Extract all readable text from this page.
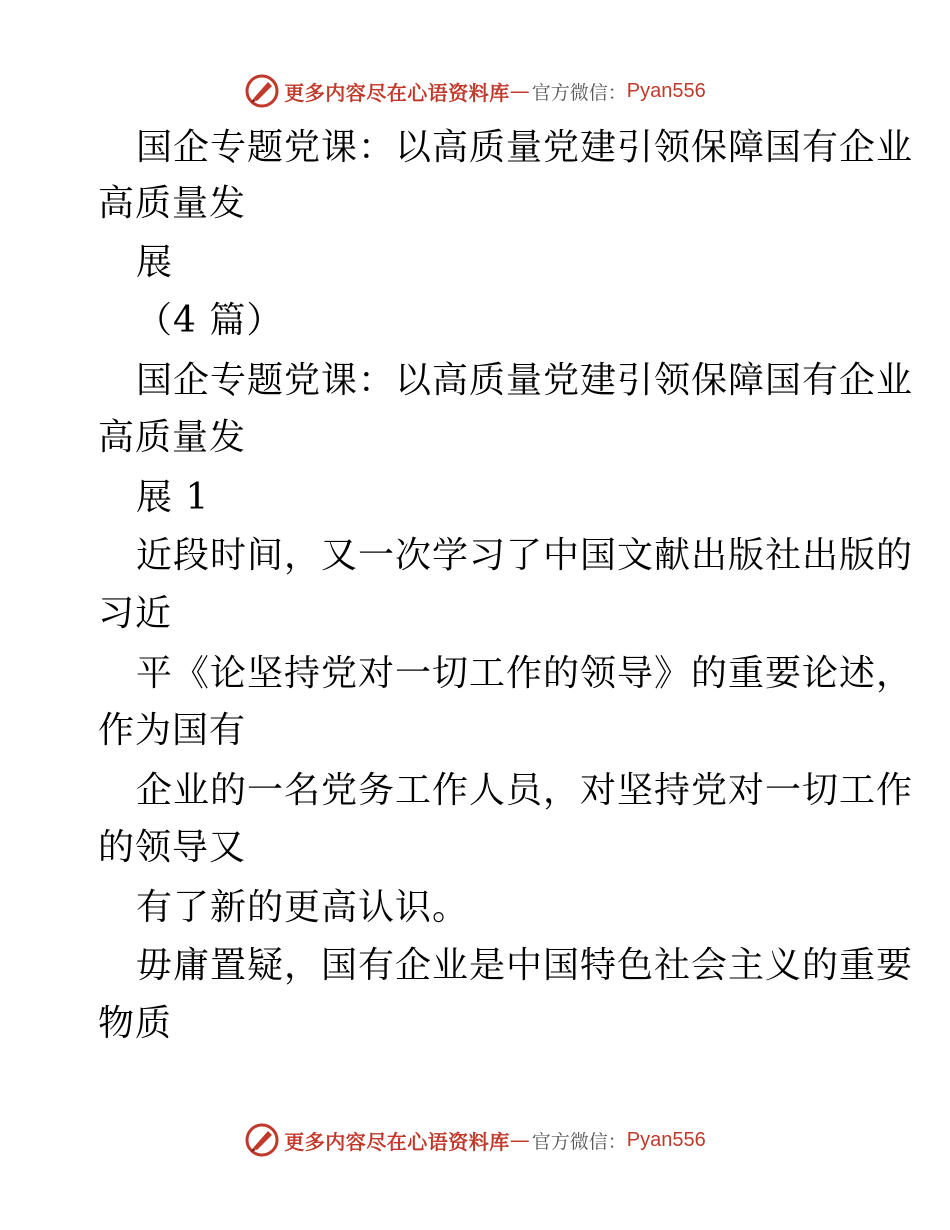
更多内容尽在心语资料库 — 官方微信： Pyan556
国企专题党课：以高质量党建引领保障国有企业
高质量发
展
（4 篇）
国企专题党课：以高质量党建引领保障国有企业
高质量发
展 1
近段时间，又一次学习了中国文献出版社出版的
习近
平《论坚持党对一切工作的领导》的重要论述，
作为国有
企业的一名党务工作人员，对坚持党对一切工作
的领导又
有了新的更高认识。
毋庸置疑，国有企业是中国特色社会主义的重要
物质
更多内容尽在心语资料库 — 官方微信： Pyan556
